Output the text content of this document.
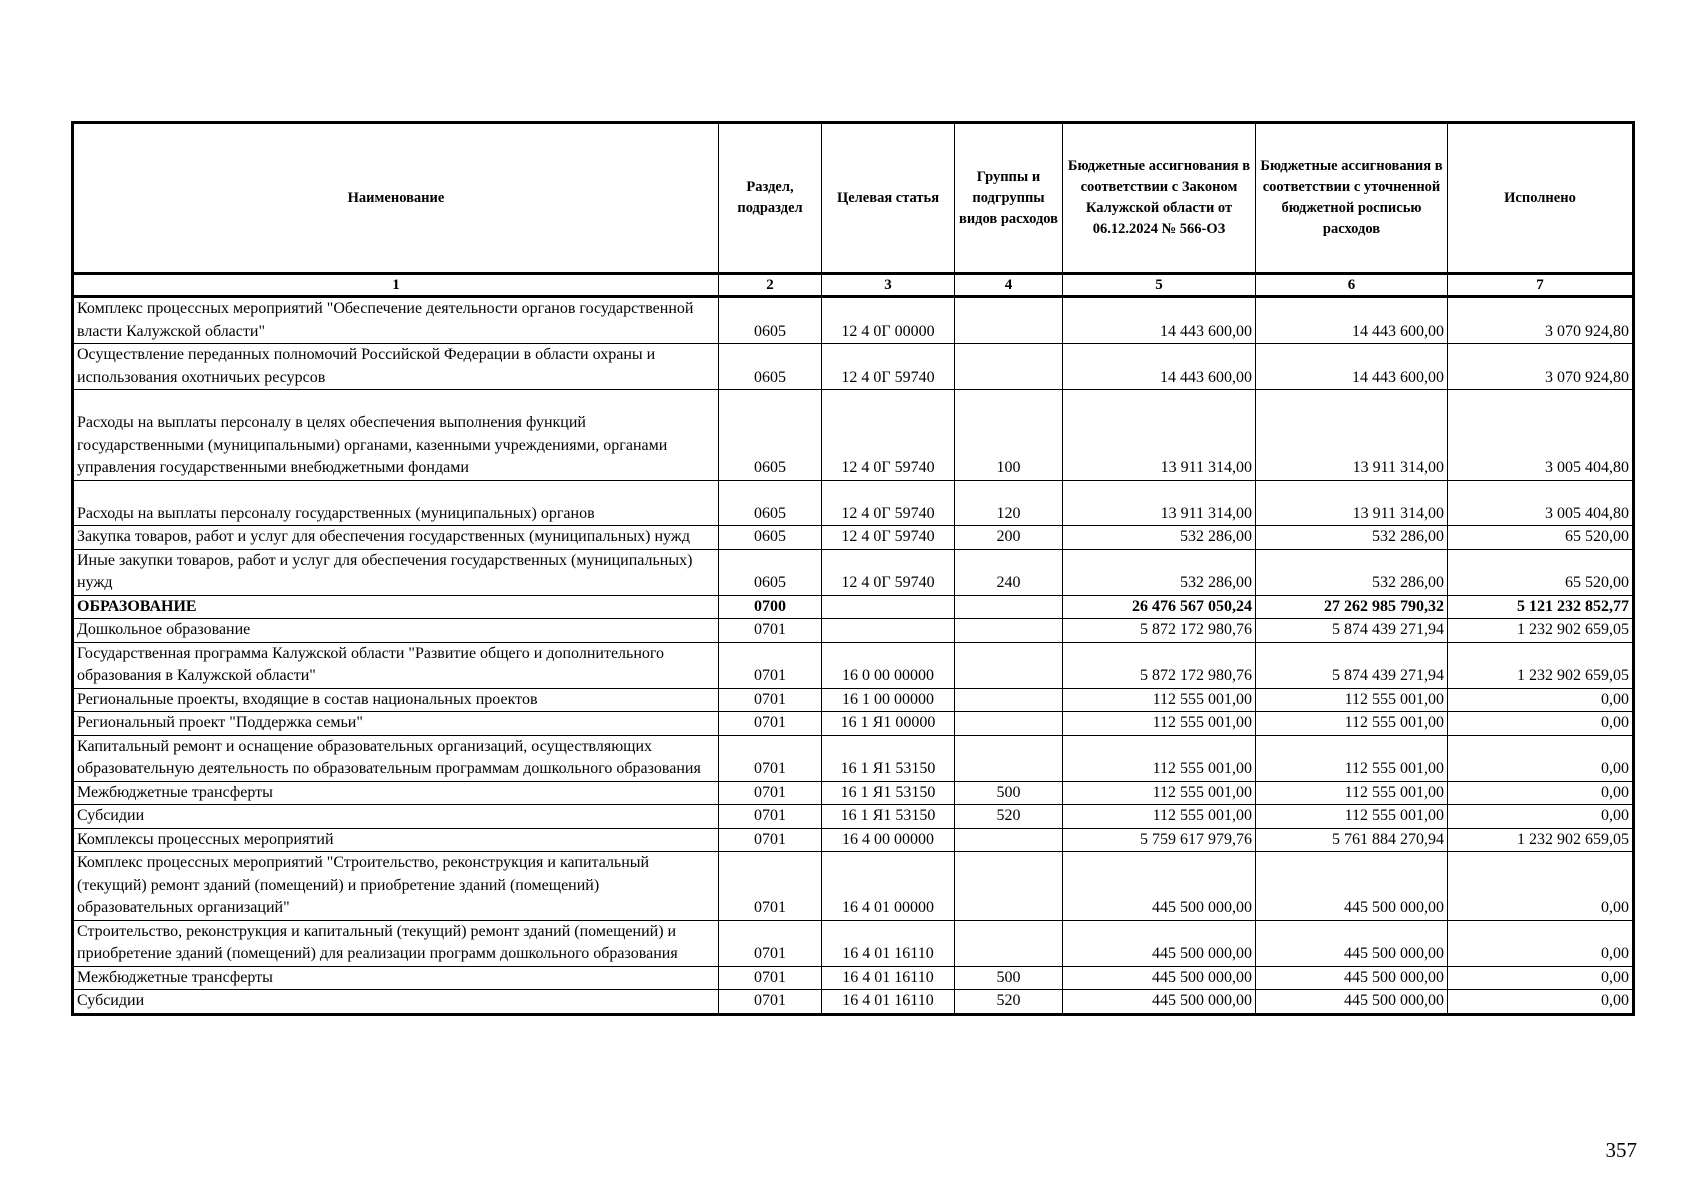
Наименование	Раздел, подраздел	Целевая статья	Группы и подгруппы видов расходов	Бюджетные ассигнования в соответствии с Законом Калужской области от 06.12.2024 № 566-ОЗ	Бюджетные ассигнования в соответствии с уточненной бюджетной росписью расходов	Исполнено
1	2	3	4	5	6	7
Комплекс процессных мероприятий "Обеспечение деятельности органов государственной власти Калужской области"	0605	12 4 0Г 00000		14 443 600,00	14 443 600,00	3 070 924,80
Осуществление переданных полномочий Российской Федерации в области охраны и использования охотничьих ресурсов	0605	12 4 0Г 59740		14 443 600,00	14 443 600,00	3 070 924,80
Расходы на выплаты персоналу в целях обеспечения выполнения функций государственными (муниципальными) органами, казенными учреждениями, органами управления государственными внебюджетными фондами	0605	12 4 0Г 59740	100	13 911 314,00	13 911 314,00	3 005 404,80
Расходы на выплаты персоналу государственных (муниципальных) органов	0605	12 4 0Г 59740	120	13 911 314,00	13 911 314,00	3 005 404,80
Закупка товаров, работ и услуг для обеспечения государственных (муниципальных) нужд	0605	12 4 0Г 59740	200	532 286,00	532 286,00	65 520,00
Иные закупки товаров, работ и услуг для обеспечения государственных (муниципальных) нужд	0605	12 4 0Г 59740	240	532 286,00	532 286,00	65 520,00
ОБРАЗОВАНИЕ	0700			26 476 567 050,24	27 262 985 790,32	5 121 232 852,77
Дошкольное образование	0701			5 872 172 980,76	5 874 439 271,94	1 232 902 659,05
Государственная программа Калужской области "Развитие общего и дополнительного образования в Калужской области"	0701	16 0 00 00000		5 872 172 980,76	5 874 439 271,94	1 232 902 659,05
Региональные проекты, входящие в состав национальных проектов	0701	16 1 00 00000		112 555 001,00	112 555 001,00	0,00
Региональный проект "Поддержка семьи"	0701	16 1 Я1 00000		112 555 001,00	112 555 001,00	0,00
Капитальный ремонт и оснащение образовательных организаций, осуществляющих образовательную деятельность по образовательным программам дошкольного образования	0701	16 1 Я1 53150		112 555 001,00	112 555 001,00	0,00
Межбюджетные трансферты	0701	16 1 Я1 53150	500	112 555 001,00	112 555 001,00	0,00
Субсидии	0701	16 1 Я1 53150	520	112 555 001,00	112 555 001,00	0,00
Комплексы процессных мероприятий	0701	16 4 00 00000		5 759 617 979,76	5 761 884 270,94	1 232 902 659,05
Комплекс процессных мероприятий "Строительство, реконструкция и капитальный (текущий) ремонт зданий (помещений) и приобретение зданий (помещений) образовательных организаций"	0701	16 4 01 00000		445 500 000,00	445 500 000,00	0,00
Строительство, реконструкция и капитальный (текущий) ремонт зданий (помещений) и приобретение зданий (помещений) для реализации программ дошкольного образования	0701	16 4 01 16110		445 500 000,00	445 500 000,00	0,00
Межбюджетные трансферты	0701	16 4 01 16110	500	445 500 000,00	445 500 000,00	0,00
Субсидии	0701	16 4 01 16110	520	445 500 000,00	445 500 000,00	0,00
357
